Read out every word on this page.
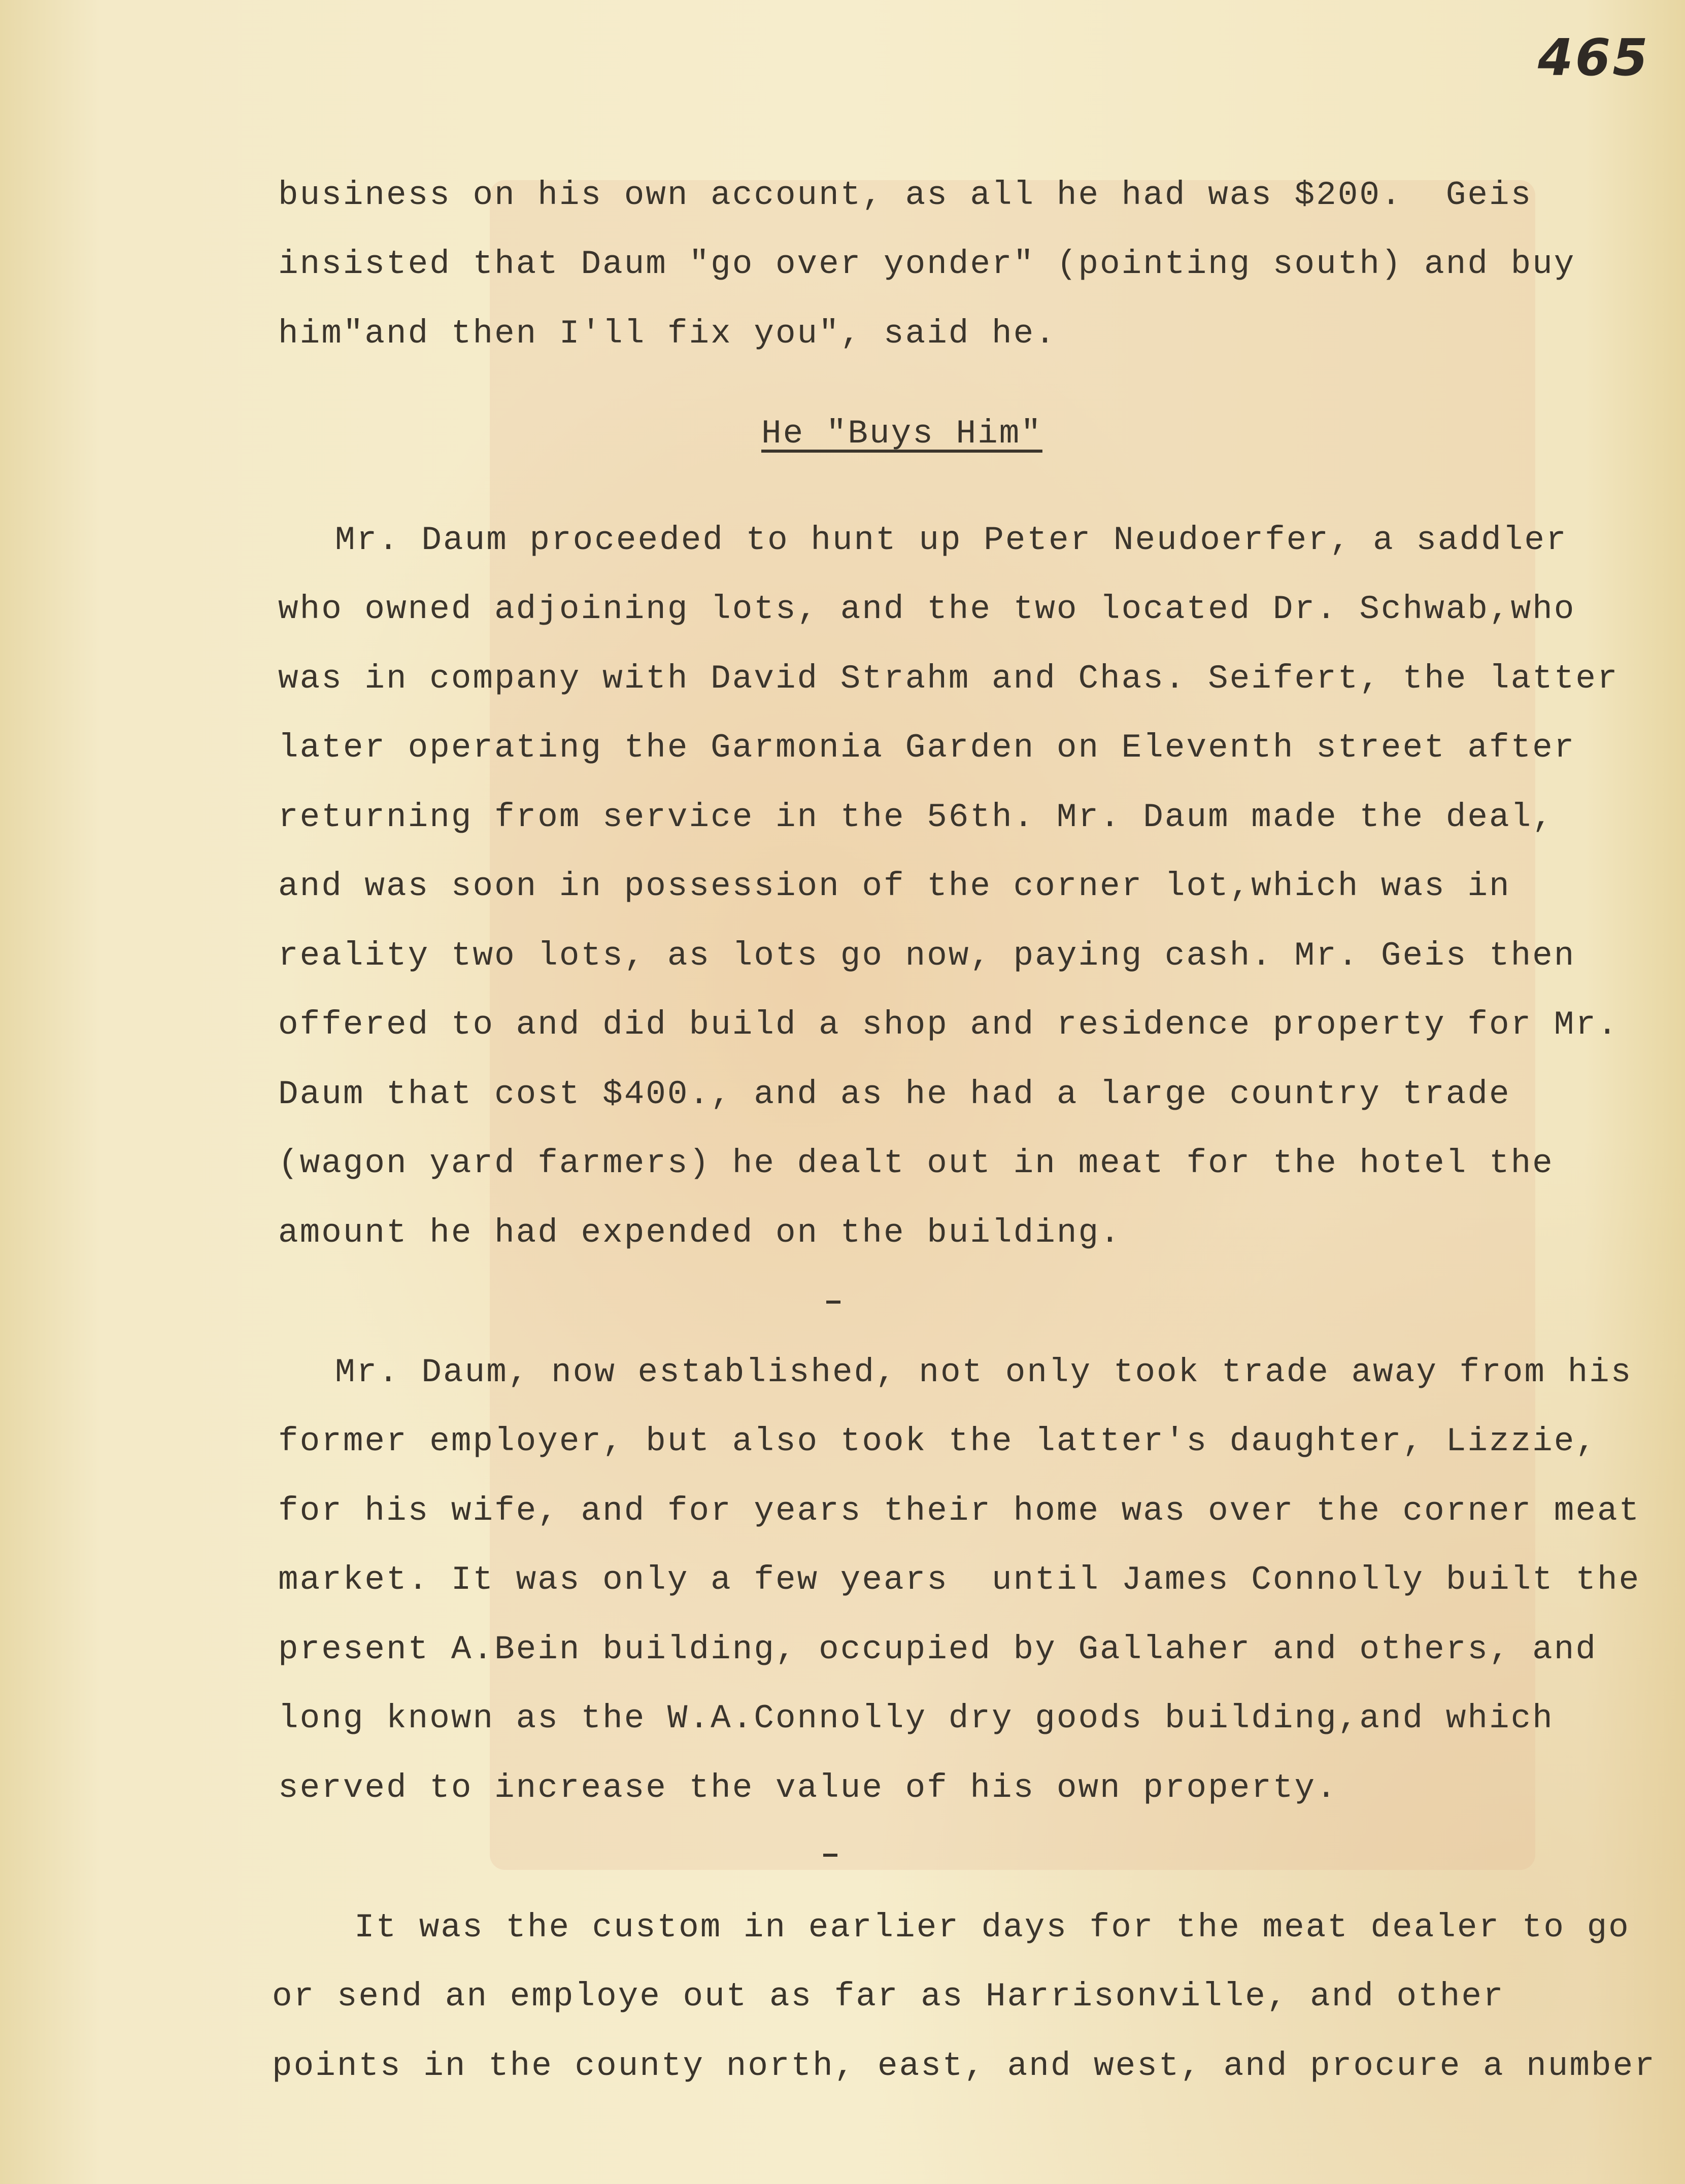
465
business on his own account, as all he had was $200.  Geis
insisted that Daum "go over yonder" (pointing south) and buy
him"and then I'll fix you", said he.
He "Buys Him"
Mr. Daum proceeded to hunt up Peter Neudoerfer, a saddler
who owned adjoining lots, and the two located Dr. Schwab,who
was in company with David Strahm and Chas. Seifert, the latter
later operating the Garmonia Garden on Eleventh street after
returning from service in the 56th. Mr. Daum made the deal,
and was soon in possession of the corner lot,which was in
reality two lots, as lots go now, paying cash. Mr. Geis then
offered to and did build a shop and residence property for Mr.
Daum that cost $400., and as he had a large country trade
(wagon yard farmers) he dealt out in meat for the hotel the
amount he had expended on the building.
Mr. Daum, now established, not only took trade away from his
former employer, but also took the latter's daughter, Lizzie,
for his wife, and for years their home was over the corner meat
market. It was only a few years  until James Connolly built the
present A.Bein building, occupied by Gallaher and others, and
long known as the W.A.Connolly dry goods building,and which
served to increase the value of his own property.
It was the custom in earlier days for the meat dealer to go
or send an employe out as far as Harrisonville, and other
points in the county north, east, and west, and procure a number
